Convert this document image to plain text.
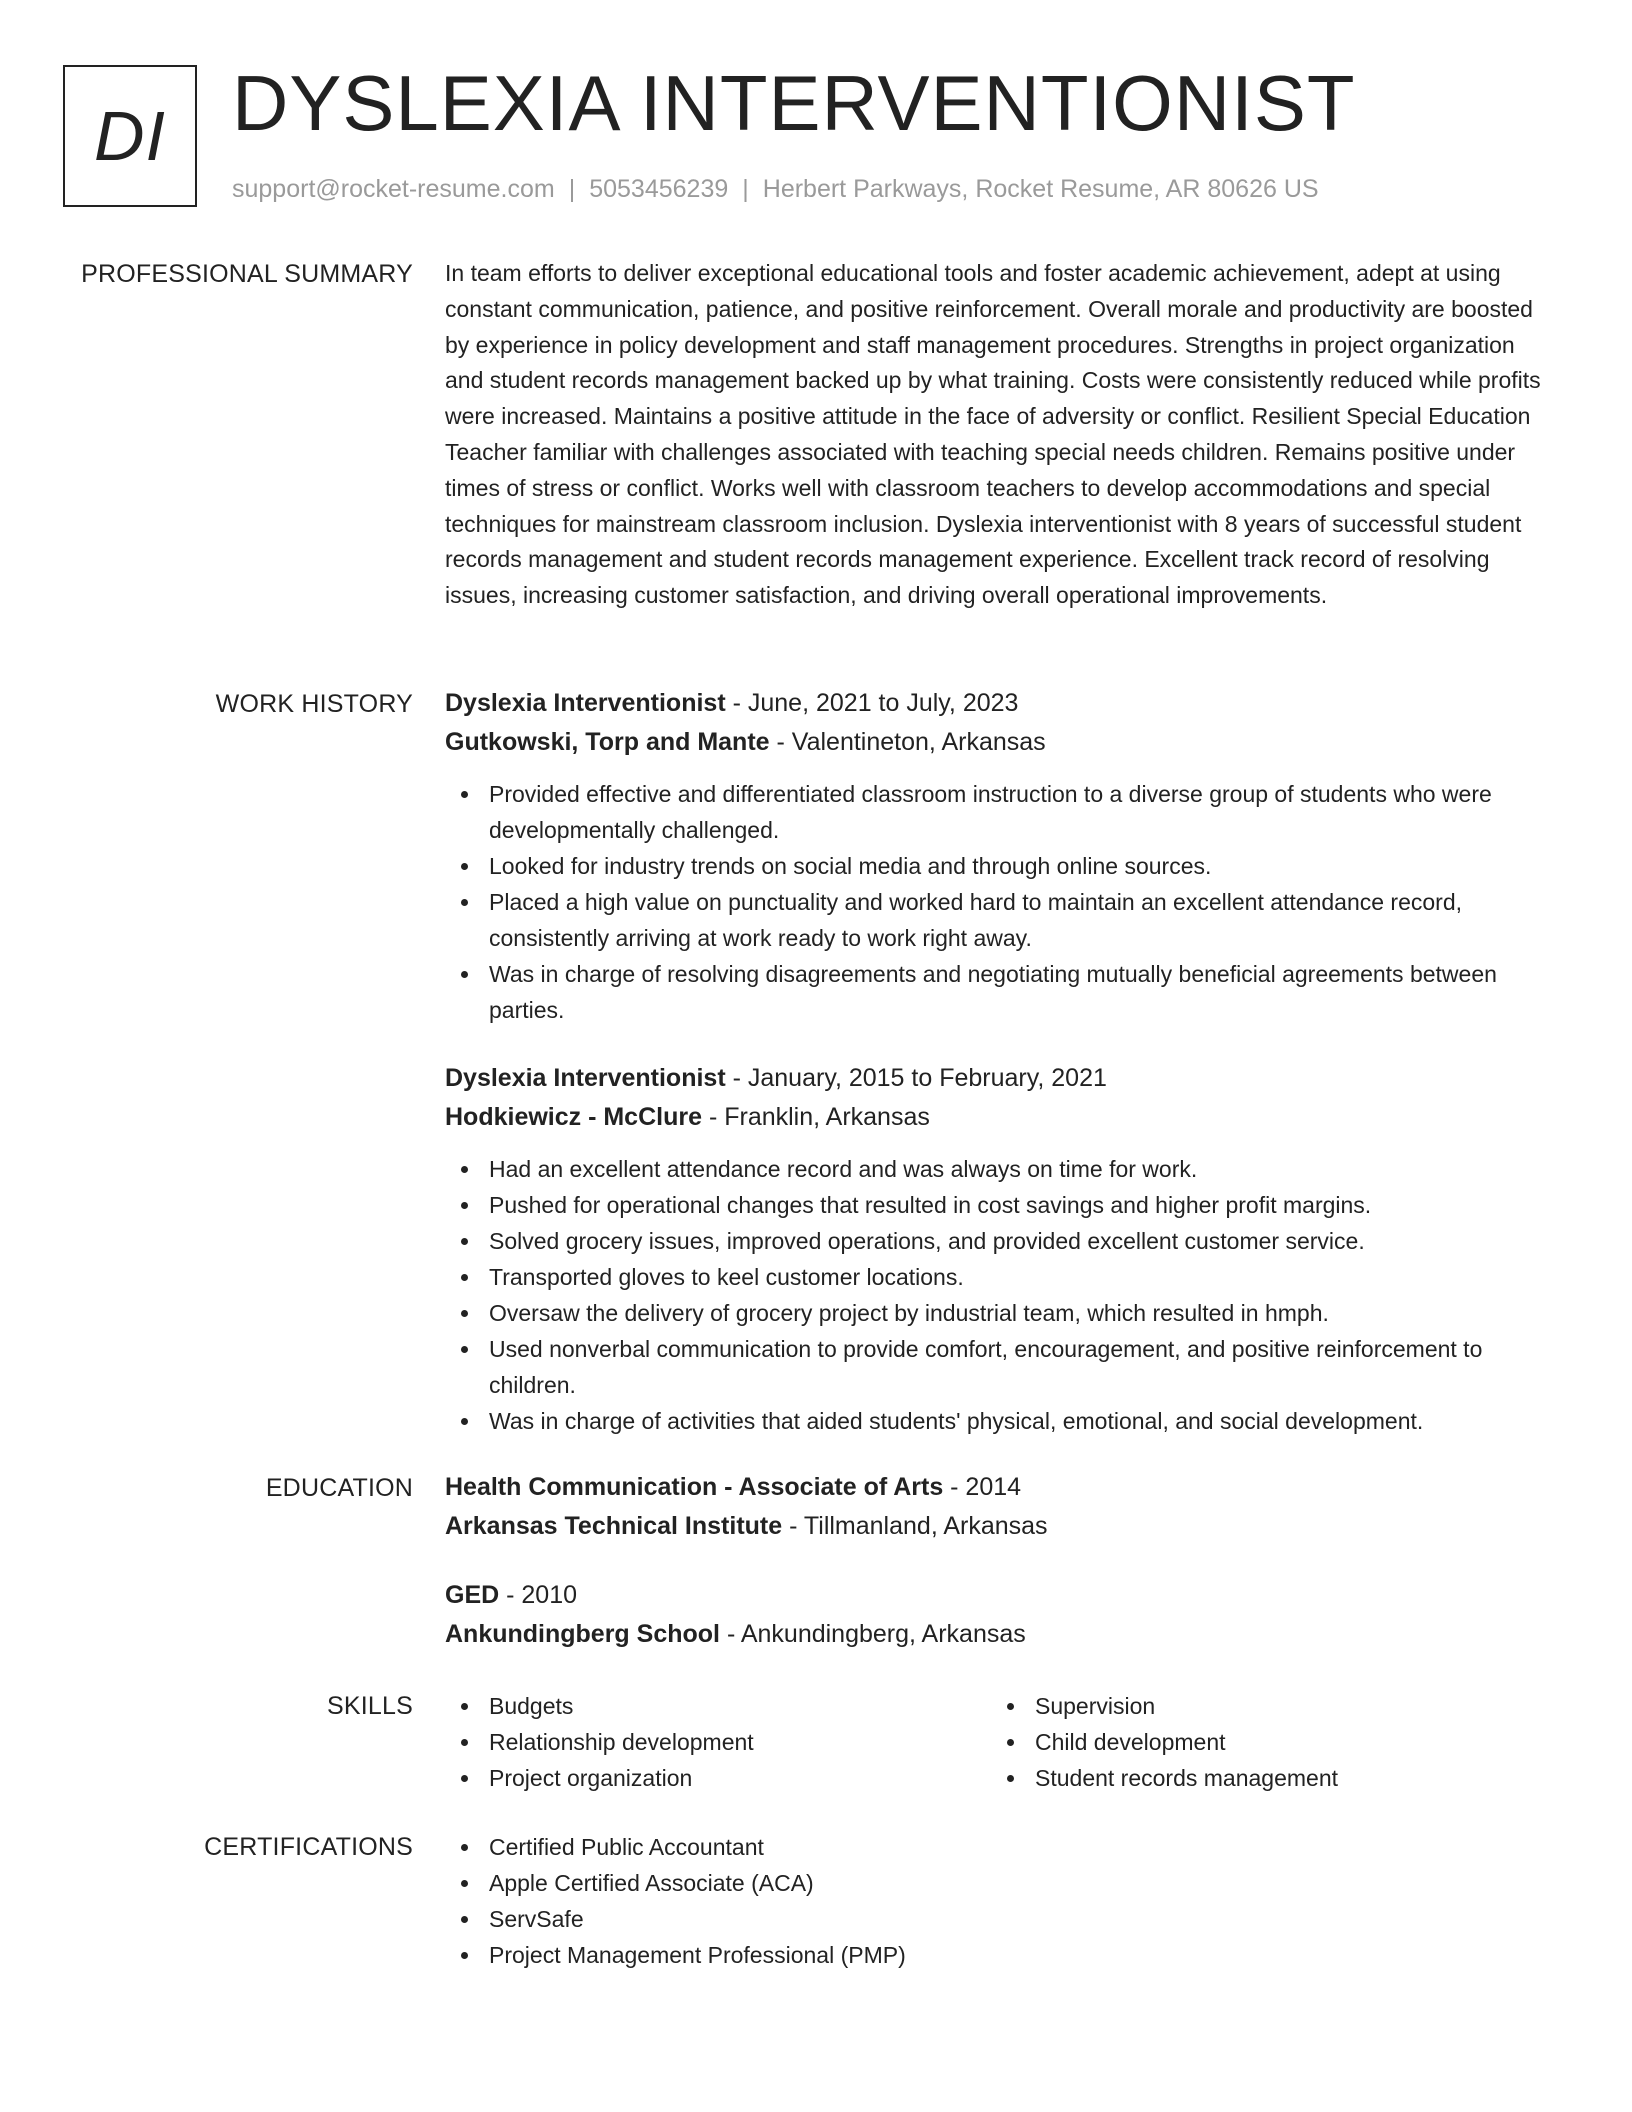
DI DYSLEXIA INTERVENTIONIST
support@rocket-resume.com | 5053456239 | Herbert Parkways, Rocket Resume, AR 80626 US
PROFESSIONAL SUMMARY In team efforts to deliver exceptional educational tools and foster academic achievement, adept at using constant communication, patience, and positive reinforcement. Overall morale and productivity are boosted by experience in policy development and staff management procedures. Strengths in project organization and student records management backed up by what training. Costs were consistently reduced while profits were increased. Maintains a positive attitude in the face of adversity or conflict. Resilient Special Education Teacher familiar with challenges associated with teaching special needs children. Remains positive under times of stress or conflict. Works well with classroom teachers to develop accommodations and special techniques for mainstream classroom inclusion. Dyslexia interventionist with 8 years of successful student records management and student records management experience. Excellent track record of resolving issues, increasing customer satisfaction, and driving overall operational improvements.

WORK HISTORY Dyslexia Interventionist - June, 2021 to July, 2023
Gutkowski, Torp and Mante - Valentineton, Arkansas
Provided effective and differentiated classroom instruction to a diverse group of students who were developmentally challenged.
Looked for industry trends on social media and through online sources.
Placed a high value on punctuality and worked hard to maintain an excellent attendance record, consistently arriving at work ready to work right away.
Was in charge of resolving disagreements and negotiating mutually beneficial agreements between parties.
Dyslexia Interventionist - January, 2015 to February, 2021
Hodkiewicz - McClure - Franklin, Arkansas
Had an excellent attendance record and was always on time for work.
Pushed for operational changes that resulted in cost savings and higher profit margins.
Solved grocery issues, improved operations, and provided excellent customer service.
Transported gloves to keel customer locations.
Oversaw the delivery of grocery project by industrial team, which resulted in hmph.
Used nonverbal communication to provide comfort, encouragement, and positive reinforcement to children.
Was in charge of activities that aided students' physical, emotional, and social development.
EDUCATION Health Communication - Associate of Arts - 2014
Arkansas Technical Institute - Tillmanland, Arkansas
GED - 2010
Ankundingberg School - Ankundingberg, Arkansas
SKILLS	Budgets
Relationship development
Project organization
Supervision
Child development
Student records management
CERTIFICATIONS	Certified Public Accountant
Apple Certified Associate (ACA)
ServSafe
Project Management Professional (PMP)
